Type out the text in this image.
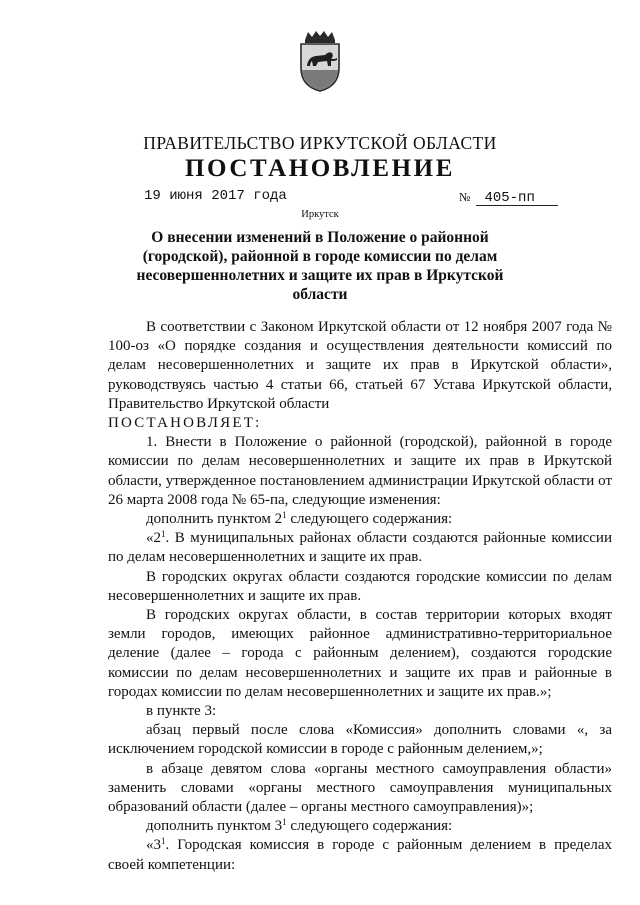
ПРАВИТЕЛЬСТВО ИРКУТСКОЙ ОБЛАСТИ
ПОСТАНОВЛЕНИЕ
19 июня 2017 года	№ 405-пп
Иркутск
О внесении изменений в Положение о районной (городской), районной в городе комиссии по делам несовершеннолетних и защите их прав в Иркутской области

В соответствии с Законом Иркутской области от 12 ноября 2007 года № 100-оз «О порядке создания и осуществления деятельности комиссий по делам несовершеннолетних и защите их прав в Иркутской области», руководствуясь частью 4 статьи 66, статьей 67 Устава Иркутской области, Правительство Иркутской области

ПОСТАНОВЛЯЕТ:

1. Внести в Положение о районной (городской), районной в городе комиссии по делам несовершеннолетних и защите их прав в Иркутской области, утвержденное постановлением администрации Иркутской области от 26 марта 2008 года № 65-па, следующие изменения:

дополнить пунктом $2^1$ следующего содержания:

«$2^1$. В муниципальных районах области создаются районные комиссии по делам несовершеннолетних и защите их прав.

В городских округах области создаются городские комиссии по делам несовершеннолетних и защите их прав.

В городских округах области, в состав территории которых входят земли городов, имеющих районное административно-территориальное деление (далее – города с районным делением), создаются городские комиссии по делам несовершеннолетних и защите их прав и районные в городах комиссии по делам несовершеннолетних и защите их прав.»;

в пункте 3:

абзац первый после слова «Комиссия» дополнить словами «, за исключением городской комиссии в городе с районным делением,»;

в абзаце девятом слова «органы местного самоуправления области» заменить словами «органы местного самоуправления муниципальных образований области (далее – органы местного самоуправления)»;

дополнить пунктом $3^1$ следующего содержания:

«$3^1$. Городская комиссия в городе с районным делением в пределах своей компетенции:
